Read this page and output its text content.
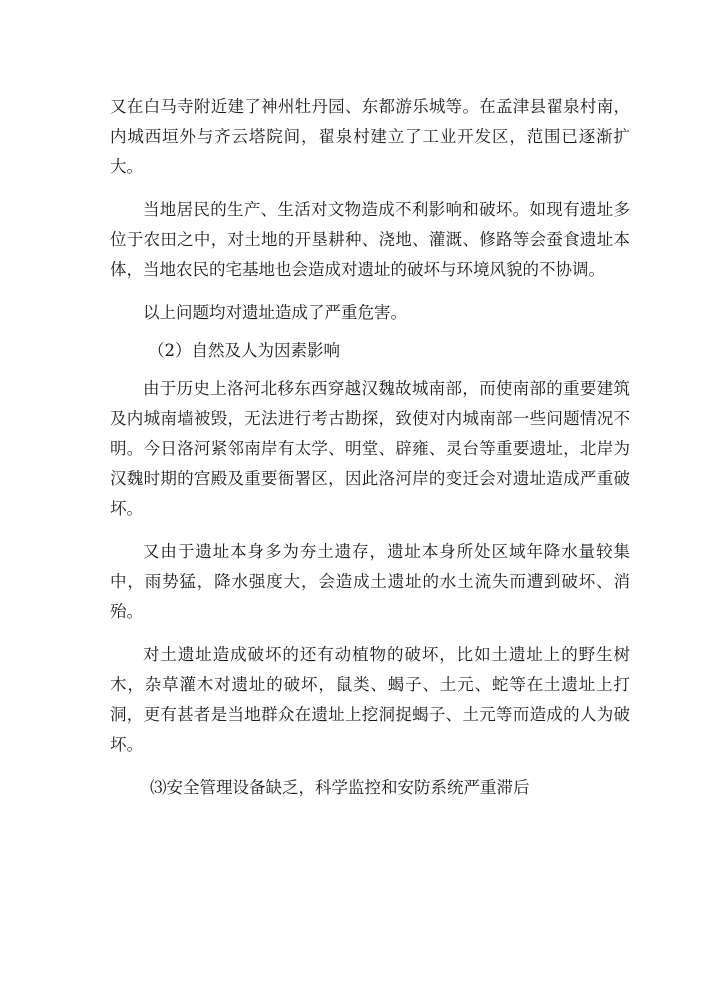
又在白马寺附近建了神州牡丹园、东都游乐城等。在孟津县翟泉村南，内城西垣外与齐云塔院间，翟泉村建立了工业开发区，范围已逐渐扩大。

当地居民的生产、生活对文物造成不利影响和破坏。如现有遗址多位于农田之中，对土地的开垦耕种、浇地、灌溉、修路等会蚕食遗址本体，当地农民的宅基地也会造成对遗址的破坏与环境风貌的不协调。

以上问题均对遗址造成了严重危害。

（2）自然及人为因素影响

由于历史上洛河北移东西穿越汉魏故城南部，而使南部的重要建筑及内城南墙被毁，无法进行考古勘探，致使对内城南部一些问题情况不明。今日洛河紧邻南岸有太学、明堂、辟雍、灵台等重要遗址，北岸为汉魏时期的宫殿及重要衙署区，因此洛河岸的变迁会对遗址造成严重破坏。

又由于遗址本身多为夯土遗存，遗址本身所处区域年降水量较集中，雨势猛，降水强度大，会造成土遗址的水土流失而遭到破坏、消殆。

对土遗址造成破坏的还有动植物的破坏，比如土遗址上的野生树木，杂草灌木对遗址的破坏，鼠类、蝎子、土元、蛇等在土遗址上打洞，更有甚者是当地群众在遗址上挖洞捉蝎子、土元等而造成的人为破坏。

⑶安全管理设备缺乏，科学监控和安防系统严重滞后
